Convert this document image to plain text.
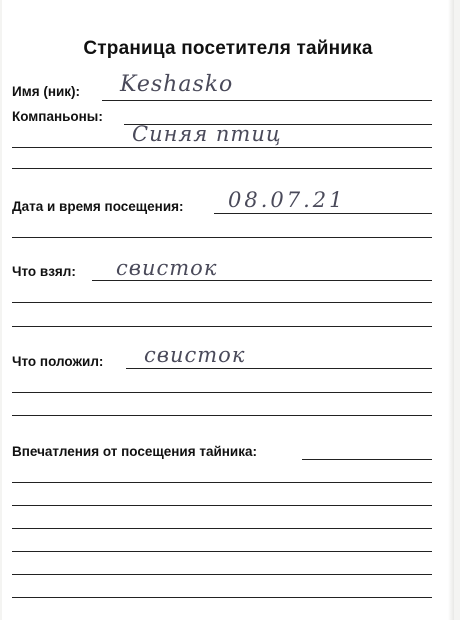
Страница посетителя тайника
Имя (ник): Keshasko
Компаньоны:
Синяя птиц
Дата и время посещения: 08.07.21
Что взял: свисток
Что положил: свисток
Впечатления от посещения тайника:
